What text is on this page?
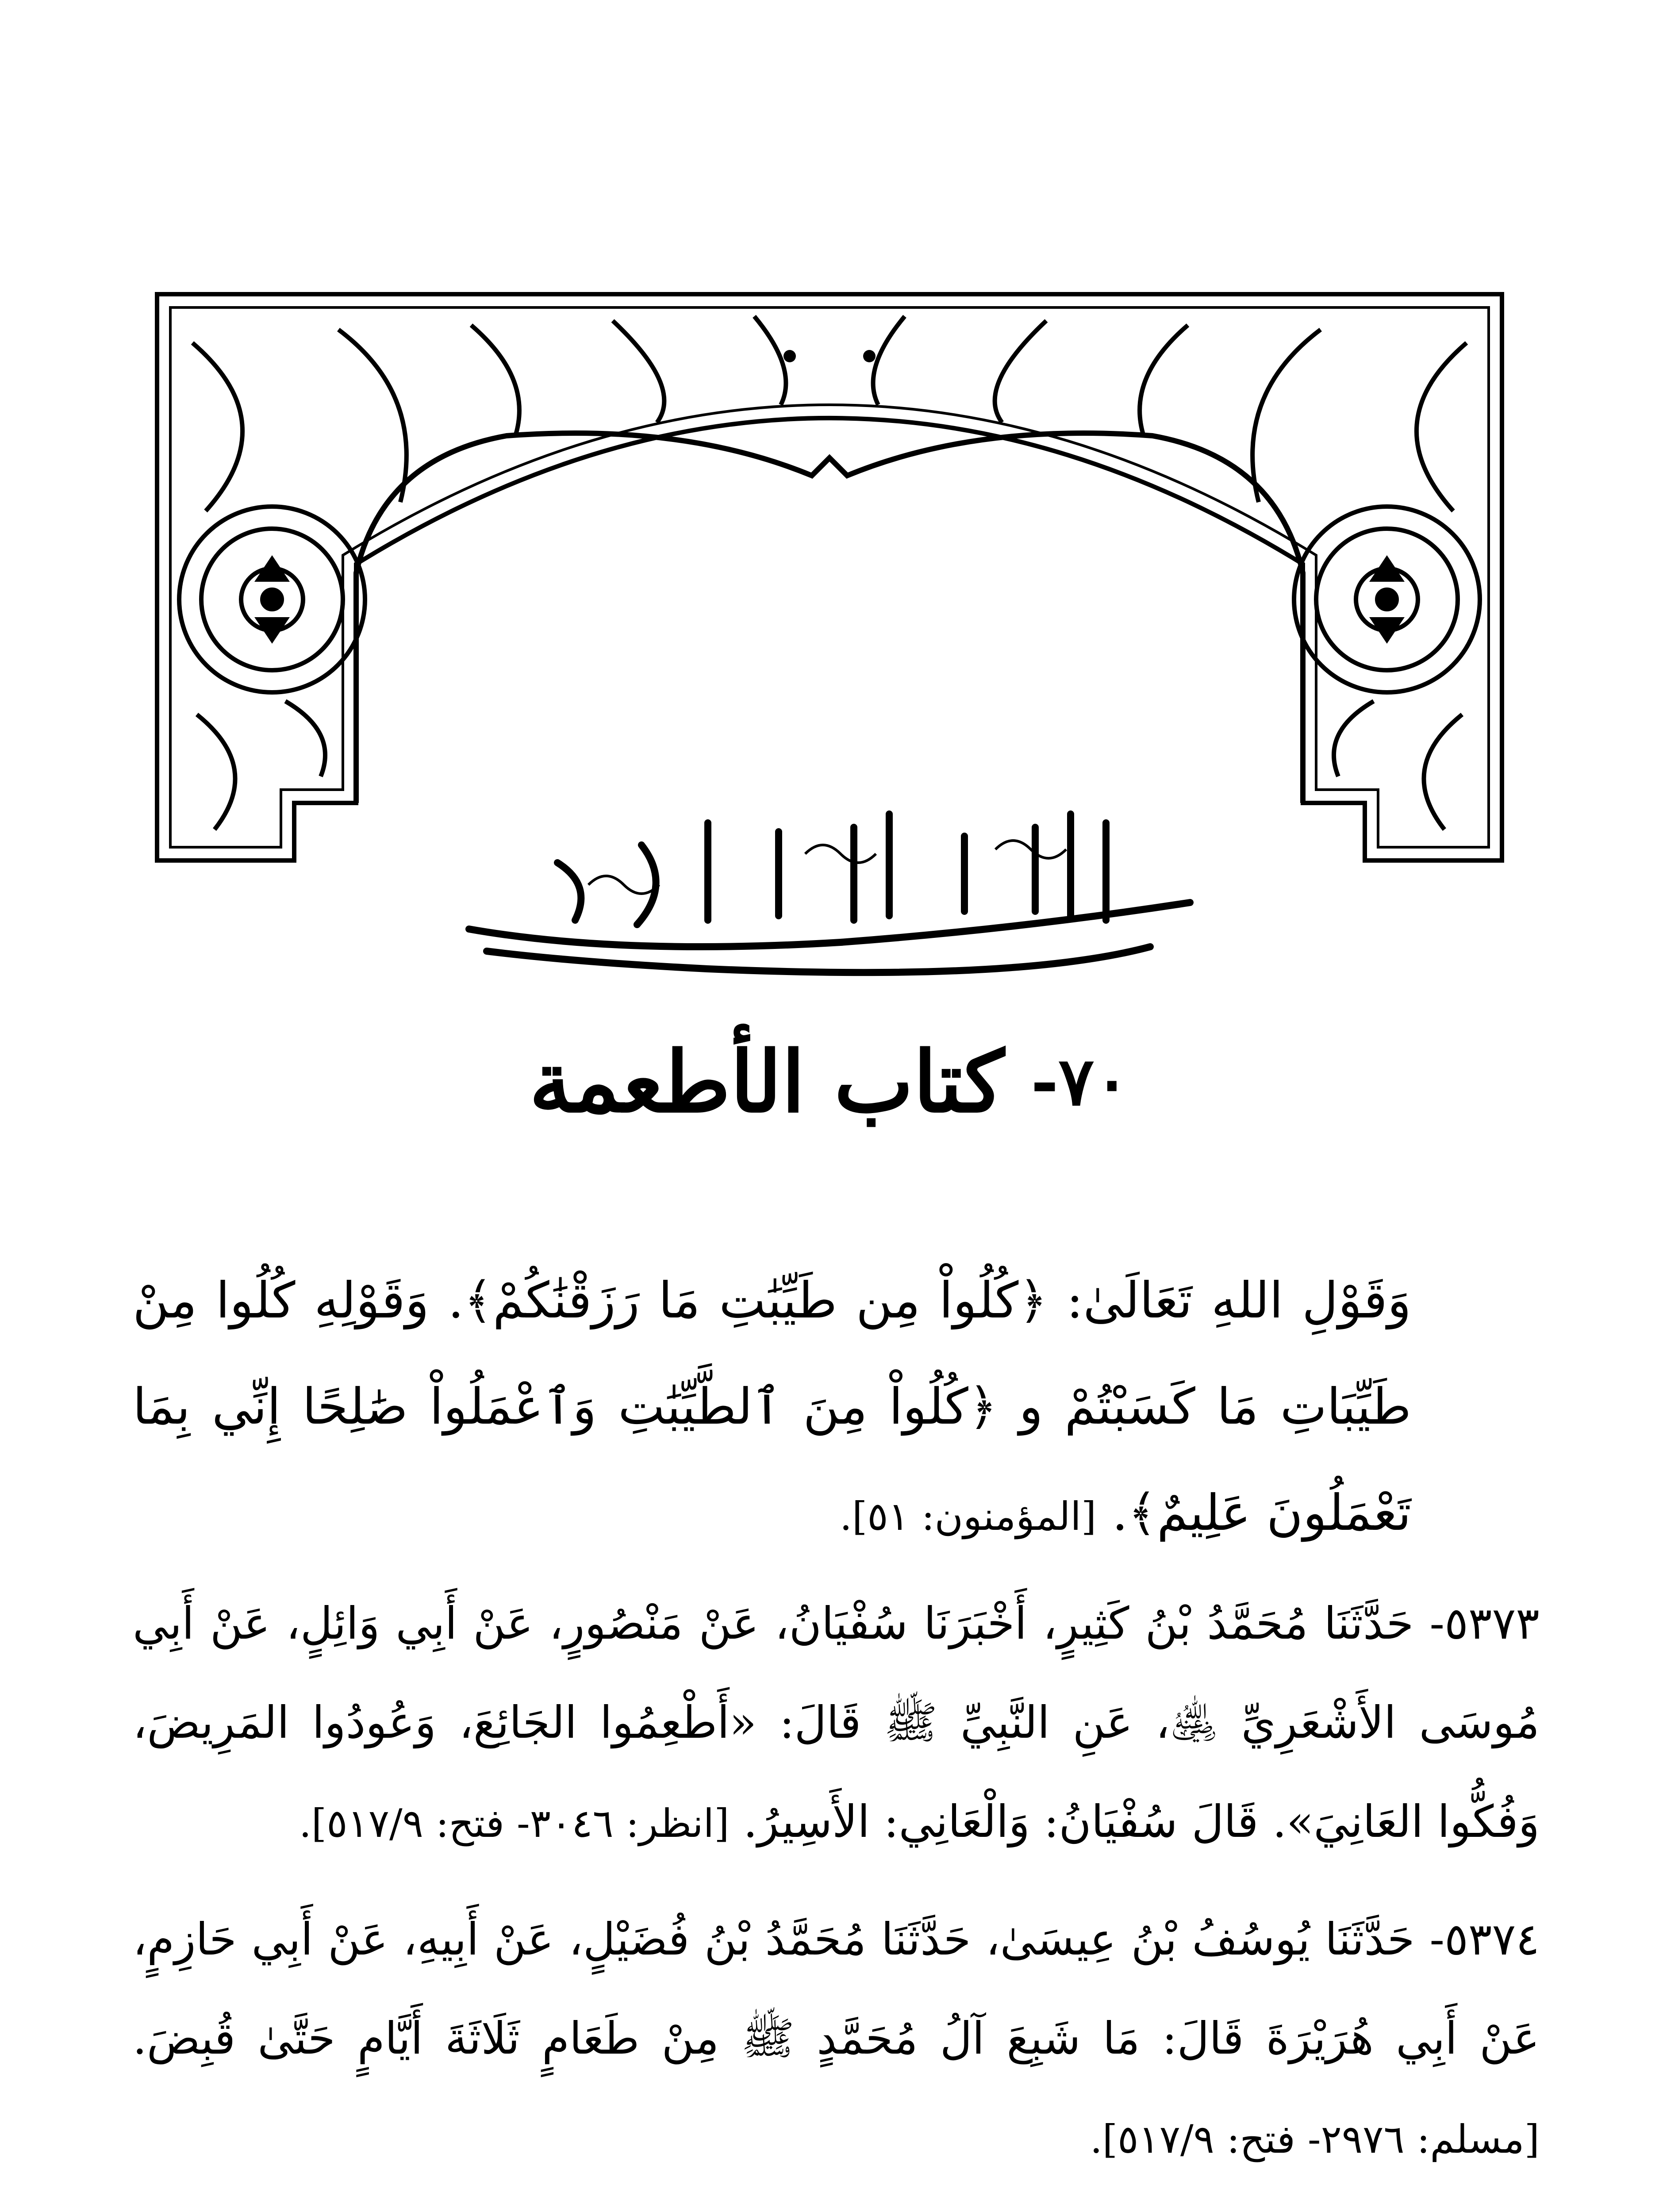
-٧٠
كتاب الأطعمة

وَقَوْلِ اللهِ تَعَالَىٰ: ﴿كُلُواْ مِن طَيِّبَٰتِ مَا رَزَقْنَٰكُمْ﴾. وَقَوْلِهِ كُلُوا مِنْ طَيِّبَاتِ مَا كَسَبْتُمْ و ﴿كُلُواْ مِنَ ٱلطَّيِّبَٰتِ وَٱعْمَلُواْ صَٰلِحًا إِنِّي بِمَا تَعْمَلُونَ عَلِيمٌ﴾. [المؤمنون: ٥١].

٥٣٧٣- حَدَّثَنَا مُحَمَّدُ بْنُ كَثِيرٍ، أَخْبَرَنَا سُفْيَانُ، عَنْ مَنْصُورٍ، عَنْ أَبِي وَائِلٍ، عَنْ أَبِي مُوسَى الأَشْعَرِيِّ ﵁، عَنِ النَّبِيِّ ﷺ قَالَ: «أَطْعِمُوا الجَائِعَ، وَعُودُوا المَرِيضَ، وَفُكُّوا العَانِيَ». قَالَ سُفْيَانُ: وَالْعَانِي: الأَسِيرُ. [انظر: ٣٠٤٦- فتح: ٥١٧/٩].

٥٣٧٤- حَدَّثَنَا يُوسُفُ بْنُ عِيسَىٰ، حَدَّثَنَا مُحَمَّدُ بْنُ فُضَيْلٍ، عَنْ أَبِيهِ، عَنْ أَبِي حَازِمٍ، عَنْ أَبِي هُرَيْرَةَ قَالَ: مَا شَبِعَ آلُ مُحَمَّدٍ ﷺ مِنْ طَعَامٍ ثَلَاثَةَ أَيَّامٍ حَتَّىٰ قُبِضَ. [مسلم: ٢٩٧٦- فتح: ٥١٧/٩].
